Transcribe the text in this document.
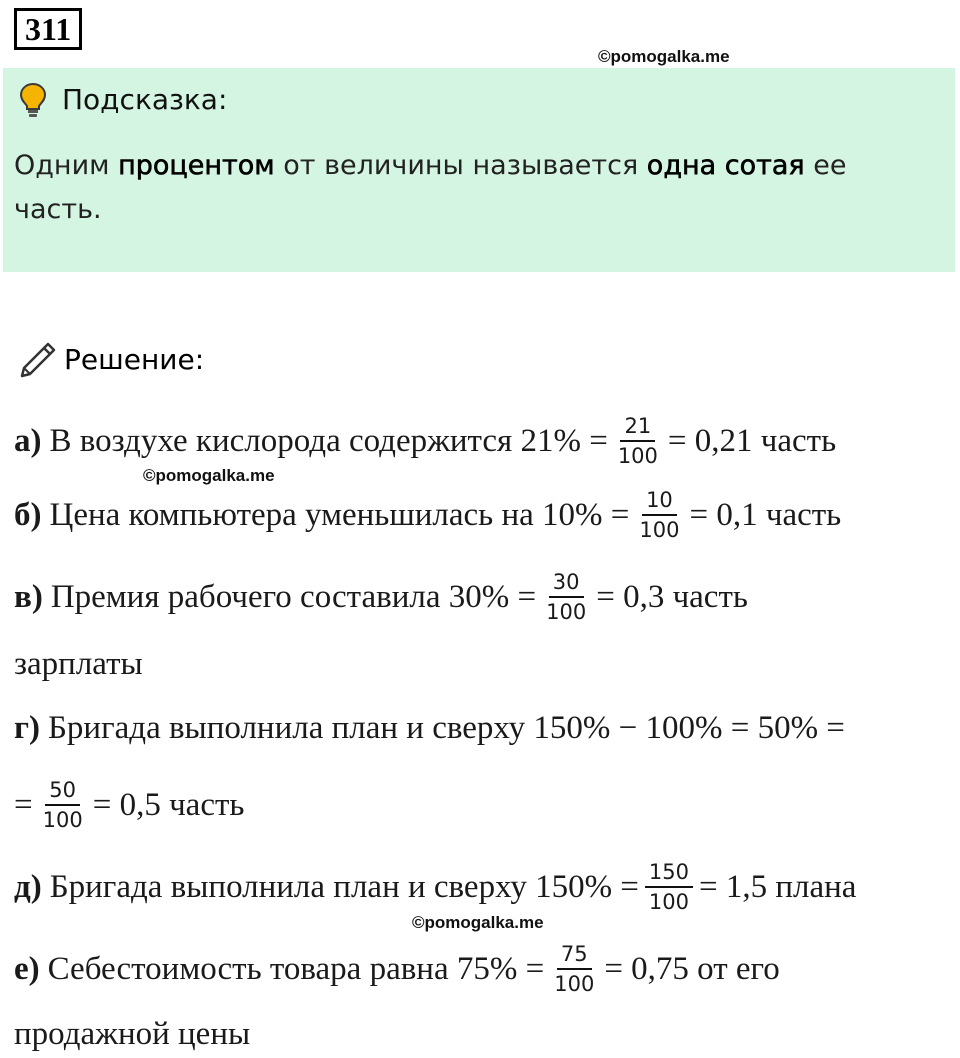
311
©pomogalka.me
Подсказка:
Одним процентом от величины называется одна сотая ее часть.
Решение:
а) В воздухе кислорода содержится $21\% = \frac{21}{100} = 0,21$ часть
©pomogalka.me
б) Цена компьютера уменьшилась на $10\% = \frac{10}{100} = 0,1$ часть
в) Премия рабочего составила $30\% = \frac{30}{100} = 0,3$ часть
зарплаты
г) Бригада выполнила план и сверху 150% − 100% = 50% =
= $\frac{50}{100} = 0,5$ часть
д) Бригада выполнила план и сверху $150\% = \frac{150}{100} = 1,5$ плана
©pomogalka.me
е) Себестоимость товара равна $75\% = \frac{75}{100} = 0,75$ от его
продажной цены
